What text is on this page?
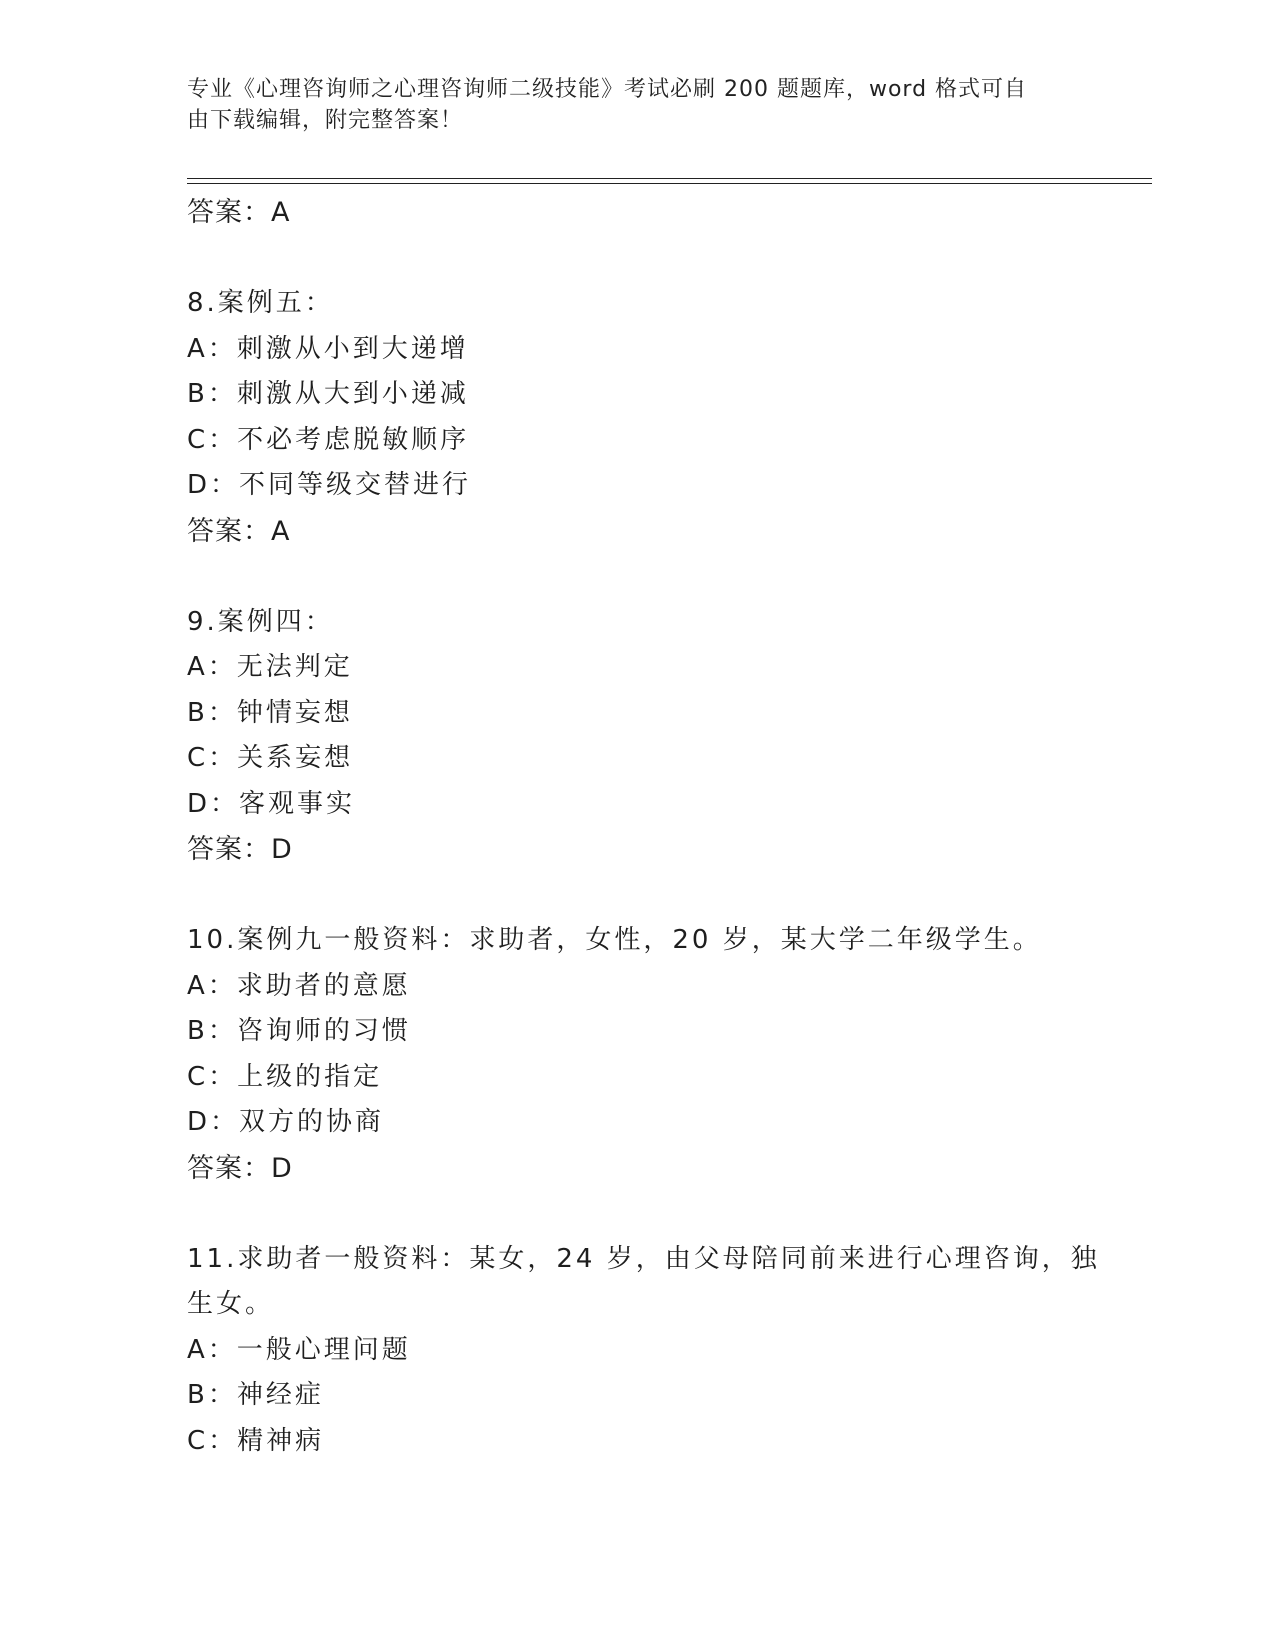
专业《心理咨询师之心理咨询师二级技能》考试必刷 200 题题库，word 格式可自
由下载编辑，附完整答案！
答案：A
8.案例五：
A：刺激从小到大递增
B：刺激从大到小递减
C：不必考虑脱敏顺序
D：不同等级交替进行
答案：A
9.案例四：
A：无法判定
B：钟情妄想
C：关系妄想
D：客观事实
答案：D
10.案例九一般资料：求助者，女性，20 岁，某大学二年级学生。
A：求助者的意愿
B：咨询师的习惯
C：上级的指定
D：双方的协商
答案：D
11.求助者一般资料：某女，24 岁，由父母陪同前来进行心理咨询，独
生女。
A：一般心理问题
B：神经症
C：精神病
